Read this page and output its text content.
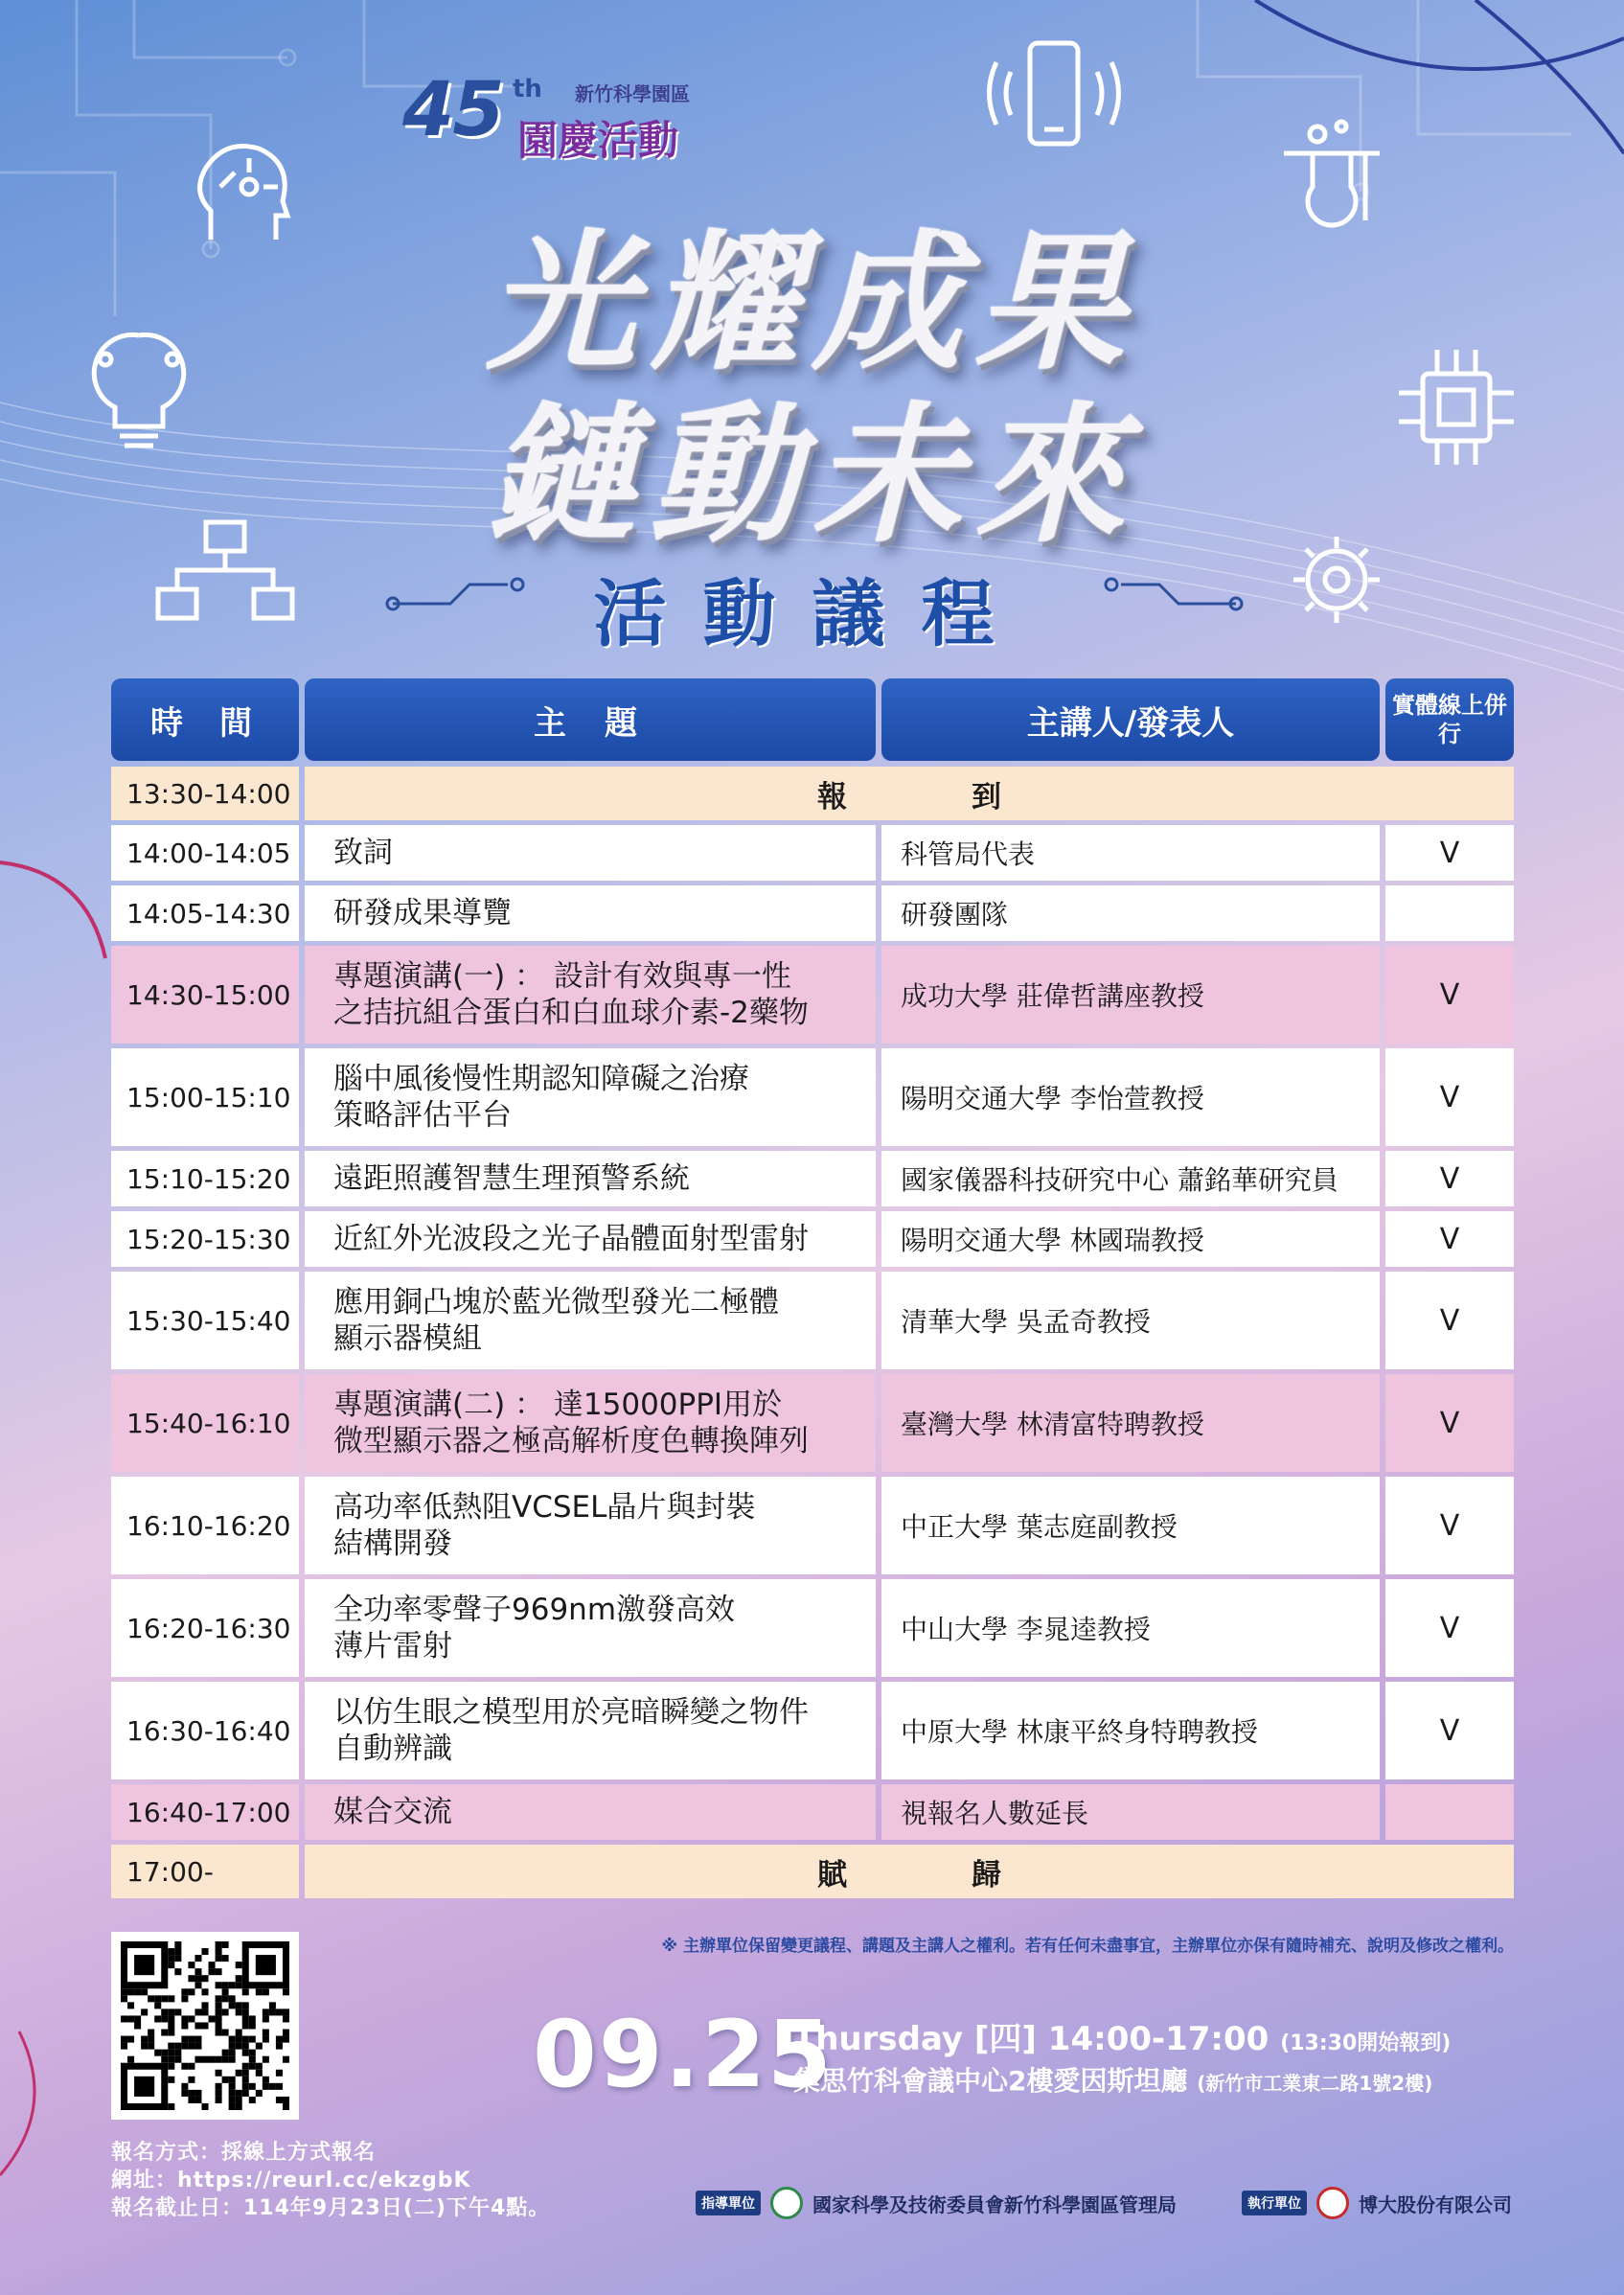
45 th 新竹科學園區
園慶活動
光耀成果
鏈動未來
活動議程
時間	主題	主講人/發表人	實體線上併行
13:30-14:00	報到
14:00-14:05 致詞	科管局代表	V
14:05-14:30 研發成果導覽	研發團隊
14:30-15:00
專題演講(一) ： 設計有效與專一性
之拮抗組合蛋白和白血球介素-2藥物	成功大學 莊偉哲講座教授	V
15:00-15:10
腦中風後慢性期認知障礙之治療
策略評估平台	陽明交通大學 李怡萱教授	V
15:10-15:20 遠距照護智慧生理預警系統	國家儀器科技研究中心 蕭銘華研究員	V
15:20-15:30 近紅外光波段之光子晶體面射型雷射	陽明交通大學 林國瑞教授	V
15:30-15:40
應用銅凸塊於藍光微型發光二極體
顯示器模組	清華大學 吳孟奇教授	V
15:40-16:10
專題演講(二) ： 達15000PPI用於
微型顯示器之極高解析度色轉換陣列	臺灣大學 林清富特聘教授	V
16:10-16:20
高功率低熱阻VCSEL晶片與封裝
結構開發	中正大學 葉志庭副教授	V
16:20-16:30
全功率零聲子969nm激發高效
薄片雷射	中山大學 李晁逵教授	V
16:30-16:40
以仿生眼之模型用於亮暗瞬變之物件
自動辨識	中原大學 林康平終身特聘教授	V
16:40-17:00 媒合交流	視報名人數延長
17:00-	賦歸
※ 主辦單位保留變更議程、講題及主講人之權利。若有任何未盡事宜，主辦單位亦保有隨時補充、說明及修改之權利。
09.25
Thursday [四] 14:00-17:00 (13:30開始報到)
集思竹科會議中心2樓愛因斯坦廳 (新竹市工業東二路1號2樓)
報名方式：採線上方式報名
網址：https://reurl.cc/ekzgbK
報名截止日：114年9月23日(二)下午4點。	指導單位	國家科學及技術委員會新竹科學園區管理局	執行單位	博大股份有限公司
